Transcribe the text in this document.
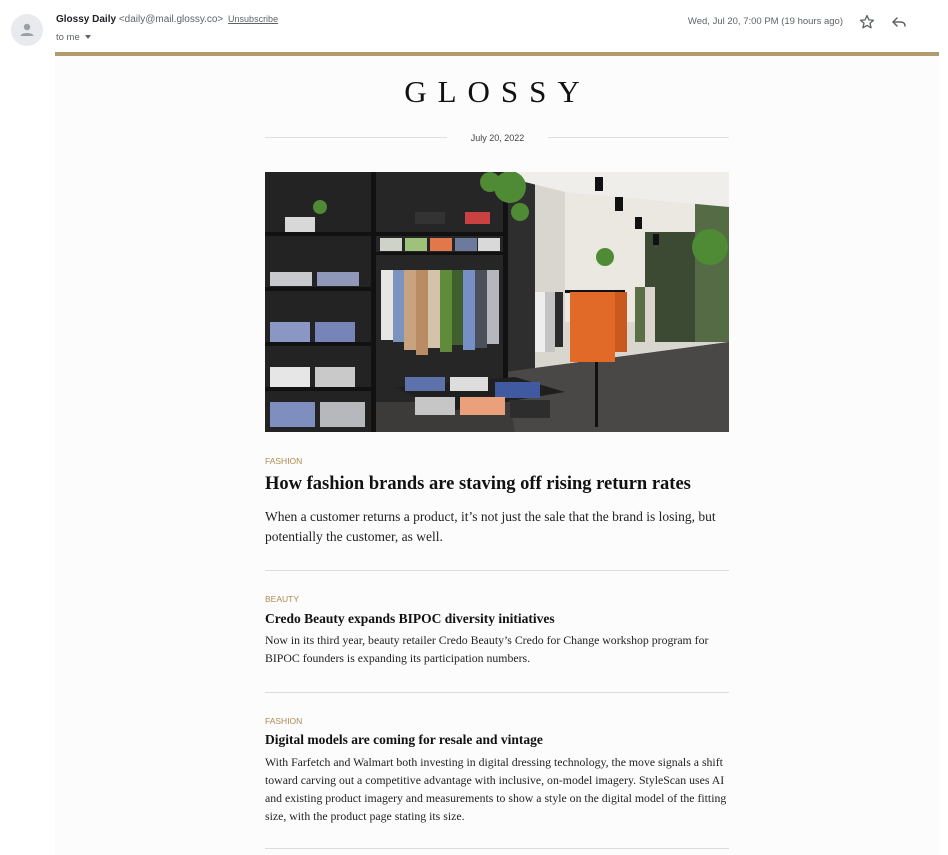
Glossy Daily <daily@mail.glossy.co> Unsubscribe
to me
Wed, Jul 20, 7:00 PM (19 hours ago)
GLOSSY
July 20, 2022
FASHION
How fashion brands are staving off rising return rates
When a customer returns a product, it’s not just the sale that the brand is losing, but potentially the customer, as well.
BEAUTY
Credo Beauty expands BIPOC diversity initiatives
Now in its third year, beauty retailer Credo Beauty’s Credo for Change workshop program for BIPOC founders is expanding its participation numbers.
FASHION
Digital models are coming for resale and vintage
With Farfetch and Walmart both investing in digital dressing technology, the move signals a shift toward carving out a competitive advantage with inclusive, on-model imagery. StyleScan uses AI and existing product imagery and measurements to show a style on the digital model of the fitting size, with the product page stating its size.
